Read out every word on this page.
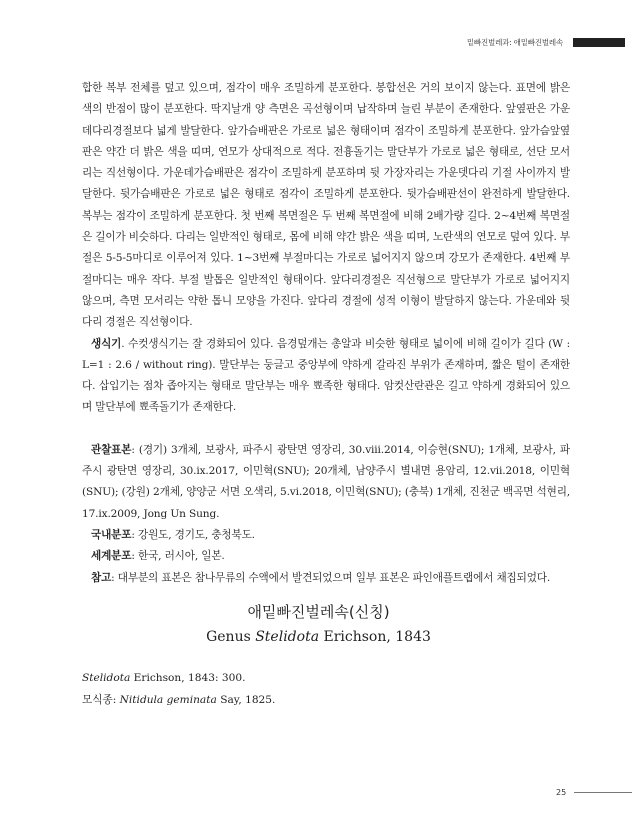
밑빠진벌레과: 애밑빠진벌레속

합한 복부 전체를 덮고 있으며, 점각이 매우 조밀하게 분포한다. 봉합선은 거의 보이지 않는다. 표면에 밝은 색의 반점이 많이 분포한다. 딱지날개 양 측면은 곡선형이며 납작하며 늘린 부분이 존재한다. 앞옆판은 가운데다리경절보다 넓게 발달한다. 앞가슴배판은 가로로 넓은 형태이며 점각이 조밀하게 분포한다. 앞가슴앞옆판은 약간 더 밝은 색을 띠며, 연모가 상대적으로 적다. 전흉돌기는 말단부가 가로로 넓은 형태로, 선단 모서리는 직선형이다. 가운데가슴배판은 점각이 조밀하게 분포하며 뒷 가장자리는 가운뎃다리 기절 사이까지 발달한다. 뒷가슴배판은 가로로 넓은 형태로 점각이 조밀하게 분포한다. 뒷가슴배판선이 완전하게 발달한다. 복부는 점각이 조밀하게 분포한다. 첫 번째 복면절은 두 번째 복면절에 비해 2배가량 길다. 2~4번째 복면절은 길이가 비슷하다. 다리는 일반적인 형태로, 몸에 비해 약간 밝은 색을 띠며, 노란색의 연모로 덮여 있다. 부절은 5-5-5마디로 이루어져 있다. 1~3번째 부절마디는 가로로 넓어지지 않으며 강모가 존재한다. 4번째 부절마디는 매우 작다. 부절 발톱은 일반적인 형태이다. 앞다리경절은 직선형으로 말단부가 가로로 넓어지지 않으며, 측면 모서리는 약한 톱니 모양을 가진다. 앞다리 경절에 성적 이형이 발달하지 않는다. 가운데와 뒷다리 경절은 직선형이다.

생식기. 수컷생식기는 잘 경화되어 있다. 음경덮개는 총알과 비슷한 형태로 넓이에 비해 길이가 길다 (W : L=1 : 2.6 / without ring). 말단부는 둥글고 중앙부에 약하게 갈라진 부위가 존재하며, 짧은 털이 존재한다. 삽입기는 점차 좁아지는 형태로 말단부는 매우 뾰족한 형태다. 암컷산란관은 길고 약하게 경화되어 있으며 말단부에 뾰족돌기가 존재한다.

관찰표본: (경기) 3개체, 보광사, 파주시 광탄면 영장리, 30.viii.2014, 이승현(SNU); 1개체, 보광사, 파주시 광탄면 영장리, 30.ix.2017, 이민혁(SNU); 20개체, 남양주시 별내면 용암리, 12.vii.2018, 이민혁(SNU); (강원) 2개체, 양양군 서면 오색리, 5.vi.2018, 이민혁(SNU); (충북) 1개체, 진천군 백곡면 석현리, 17.ix.2009, Jong Un Sung.

국내분포: 강원도, 경기도, 충청북도.

세계분포: 한국, 러시아, 일본.

참고: 대부분의 표본은 참나무류의 수액에서 발견되었으며 일부 표본은 파인애플트랩에서 채집되었다.

애밑빠진벌레속(신칭)
Genus Stelidota Erichson, 1843

Stelidota Erichson, 1843: 300.

모식종: Nitidula geminata Say, 1825.

25
